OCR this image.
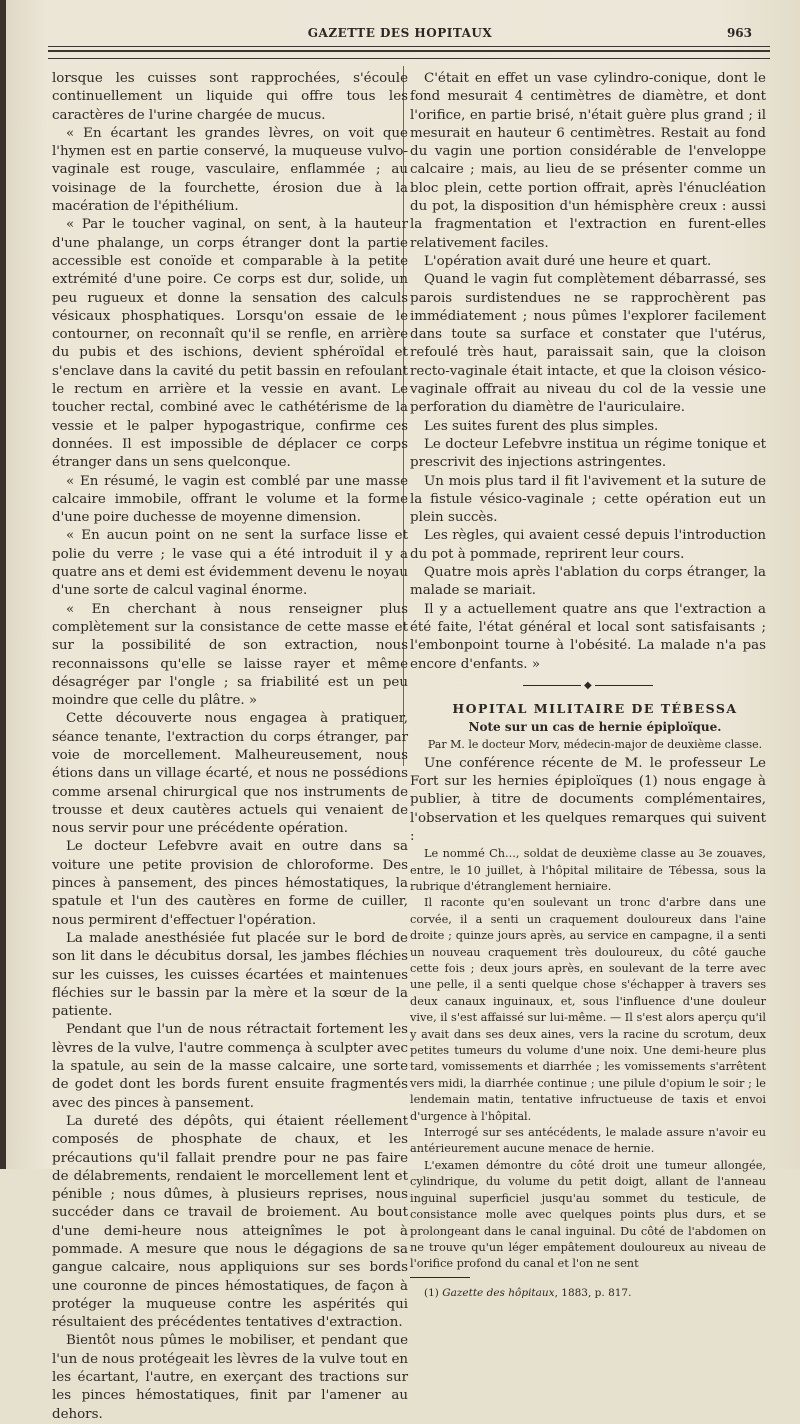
GAZETTE DES HOPITAUX	963

lorsque les cuisses sont rapprochées, s'écoule continuellement un liquide qui offre tous les caractères de l'urine chargée de mucus.

« En écartant les grandes lèvres, on voit que l'hymen est en partie conservé, la muqueuse vulvo-vaginale est rouge, vasculaire, enflammée ; au voisinage de la fourchette, érosion due à la macération de l'épithélium.

« Par le toucher vaginal, on sent, à la hauteur d'une phalange, un corps étranger dont la partie accessible est conoïde et comparable à la petite extrémité d'une poire. Ce corps est dur, solide, un peu rugueux et donne la sensation des calculs vésicaux phosphatiques. Lorsqu'on essaie de le contourner, on reconnaît qu'il se renfle, en arrière du pubis et des ischions, devient sphéroïdal et s'enclave dans la cavité du petit bassin en refoulant le rectum en arrière et la vessie en avant. Le toucher rectal, combiné avec le cathétérisme de la vessie et le palper hypogastrique, confirme ces données. Il est impossible de déplacer ce corps étranger dans un sens quelconque.

« En résumé, le vagin est comblé par une masse calcaire immobile, offrant le volume et la forme d'une poire duchesse de moyenne dimension.

« En aucun point on ne sent la surface lisse et polie du verre ; le vase qui a été introduit il y a quatre ans et demi est évidemment devenu le noyau d'une sorte de calcul vaginal énorme.

« En cherchant à nous renseigner plus complètement sur la consistance de cette masse et sur la possibilité de son extraction, nous reconnaissons qu'elle se laisse rayer et même désagréger par l'ongle ; sa friabilité est un peu moindre que celle du plâtre. »

Cette découverte nous engagea à pratiquer, séance tenante, l'extraction du corps étranger, par voie de morcellement. Malheureusement, nous étions dans un village écarté, et nous ne possédions comme arsenal chirurgical que nos instruments de trousse et deux cautères actuels qui venaient de nous servir pour une précédente opération.

Le docteur Lefebvre avait en outre dans sa voiture une petite provision de chloroforme. Des pinces à pansement, des pinces hémostatiques, la spatule et l'un des cautères en forme de cuiller, nous permirent d'effectuer l'opération.

La malade anesthésiée fut placée sur le bord de son lit dans le décubitus dorsal, les jambes fléchies sur les cuisses, les cuisses écartées et maintenues fléchies sur le bassin par la mère et la sœur de la patiente.

Pendant que l'un de nous rétractait fortement les lèvres de la vulve, l'autre commença à sculpter avec la spatule, au sein de la masse calcaire, une sorte de godet dont les bords furent ensuite fragmentés avec des pinces à pansement.

La dureté des dépôts, qui étaient réellement composés de phosphate de chaux, et les précautions qu'il fallait prendre pour ne pas faire de délabrements, rendaient le morcellement lent et pénible ; nous dûmes, à plusieurs reprises, nous succéder dans ce travail de broiement. Au bout d'une demi-heure nous atteignîmes le pot à pommade. A mesure que nous le dégagions de sa gangue calcaire, nous appliquions sur ses bords une couronne de pinces hémostatiques, de façon à protéger la muqueuse contre les aspérités qui résultaient des précédentes tentatives d'extraction.

Bientôt nous pûmes le mobiliser, et pendant que l'un de nous protégeait les lèvres de la vulve tout en les écartant, l'autre, en exerçant des tractions sur les pinces hémostatiques, finit par l'amener au dehors.

C'était en effet un vase cylindro-conique, dont le fond mesurait 4 centimètres de diamètre, et dont l'orifice, en partie brisé, n'était guère plus grand ; il mesurait en hauteur 6 centimètres. Restait au fond du vagin une portion considérable de l'enveloppe calcaire ; mais, au lieu de se présenter comme un bloc plein, cette portion offrait, après l'énucléation du pot, la disposition d'un hémisphère creux : aussi la fragmentation et l'extraction en furent-elles relativement faciles.

L'opération avait duré une heure et quart.

Quand le vagin fut complètement débarrassé, ses parois surdistendues ne se rapprochèrent pas immédiatement ; nous pûmes l'explorer facilement dans toute sa surface et constater que l'utérus, refoulé très haut, paraissait sain, que la cloison recto-vaginale était intacte, et que la cloison vésico-vaginale offrait au niveau du col de la vessie une perforation du diamètre de l'auriculaire.

Les suites furent des plus simples.

Le docteur Lefebvre institua un régime tonique et prescrivit des injections astringentes.

Un mois plus tard il fit l'avivement et la suture de la fistule vésico-vaginale ; cette opération eut un plein succès.

Les règles, qui avaient cessé depuis l'introduction du pot à pommade, reprirent leur cours.

Quatre mois après l'ablation du corps étranger, la malade se mariait.

Il y a actuellement quatre ans que l'extraction a été faite, l'état général et local sont satisfaisants ; l'embonpoint tourne à l'obésité. La malade n'a pas encore d'enfants. »

◆

HOPITAL MILITAIRE DE TÉBESSA

Note sur un cas de hernie épiploïque.

Par M. le docteur Morv, médecin-major de deuxième classe.

Une conférence récente de M. le professeur Le Fort sur les hernies épiploïques (1) nous engage à publier, à titre de documents complémentaires, l'observation et les quelques remarques qui suivent :

Le nommé Ch..., soldat de deuxième classe au 3e zouaves, entre, le 10 juillet, à l'hôpital militaire de Tébessa, sous la rubrique d'étranglement herniaire.

Il raconte qu'en soulevant un tronc d'arbre dans une corvée, il a senti un craquement douloureux dans l'aine droite ; quinze jours après, au service en campagne, il a senti un nouveau craquement très douloureux, du côté gauche cette fois ; deux jours après, en soulevant de la terre avec une pelle, il a senti quelque chose s'échapper à travers ses deux canaux inguinaux, et, sous l'influence d'une douleur vive, il s'est affaissé sur lui-même. — Il s'est alors aperçu qu'il y avait dans ses deux aines, vers la racine du scrotum, deux petites tumeurs du volume d'une noix. Une demi-heure plus tard, vomissements et diarrhée ; les vomissements s'arrêtent vers midi, la diarrhée continue ; une pilule d'opium le soir ; le lendemain matin, tentative infructueuse de taxis et envoi d'urgence à l'hôpital.

Interrogé sur ses antécédents, le malade assure n'avoir eu antérieurement aucune menace de hernie.

L'examen démontre du côté droit une tumeur allongée, cylindrique, du volume du petit doigt, allant de l'anneau inguinal superficiel jusqu'au sommet du testicule, de consistance molle avec quelques points plus durs, et se prolongeant dans le canal inguinal. Du côté de l'abdomen on ne trouve qu'un léger empâtement douloureux au niveau de l'orifice profond du canal et l'on ne sent

(1) Gazette des hôpitaux, 1883, p. 817.
